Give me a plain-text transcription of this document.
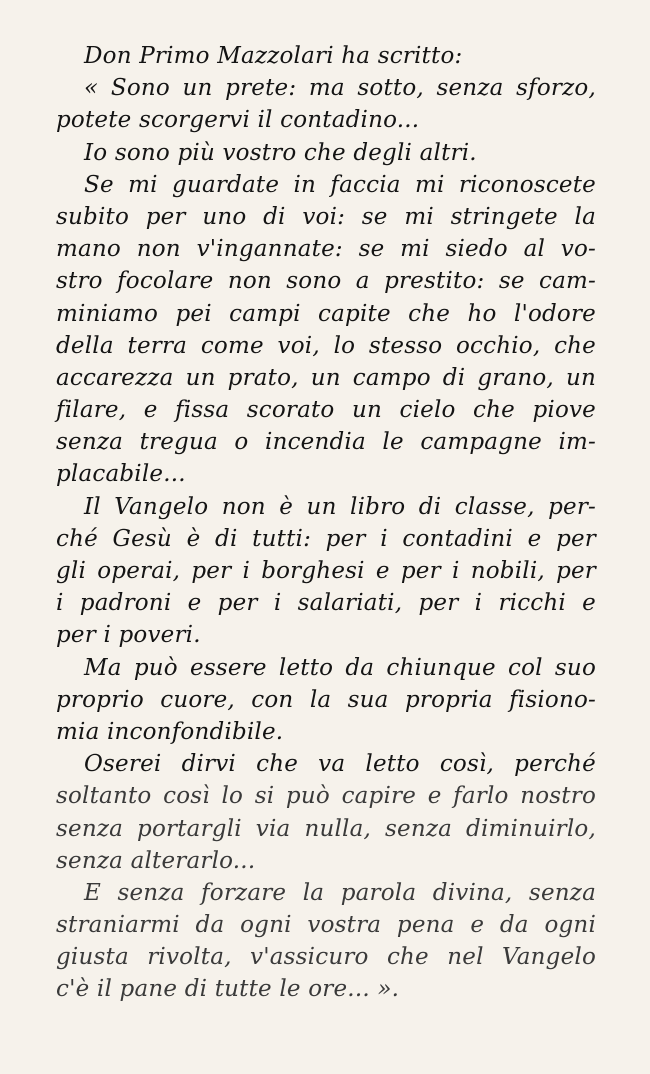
Don Primo Mazzolari ha scritto:
« Sono un prete: ma sotto, senza sforzo,
potete scorgervi il contadino...
Io sono più vostro che degli altri.
Se mi guardate in faccia mi riconoscete
subito per uno di voi: se mi stringete la
mano non v'ingannate: se mi siedo al vo-
stro focolare non sono a prestito: se cam-
miniamo pei campi capite che ho l'odore
della terra come voi, lo stesso occhio, che
accarezza un prato, un campo di grano, un
filare, e fissa scorato un cielo che piove
senza tregua o incendia le campagne im-
placabile...
Il Vangelo non è un libro di classe, per-
ché Gesù è di tutti: per i contadini e per
gli operai, per i borghesi e per i nobili, per
i padroni e per i salariati, per i ricchi e
per i poveri.
Ma può essere letto da chiunque col suo
proprio cuore, con la sua propria fisiono-
mia inconfondibile.
Oserei dirvi che va letto così, perché
soltanto così lo si può capire e farlo nostro
senza portargli via nulla, senza diminuirlo,
senza alterarlo...
E senza forzare la parola divina, senza
straniarmi da ogni vostra pena e da ogni
giusta rivolta, v'assicuro che nel Vangelo
c'è il pane di tutte le ore... ».
